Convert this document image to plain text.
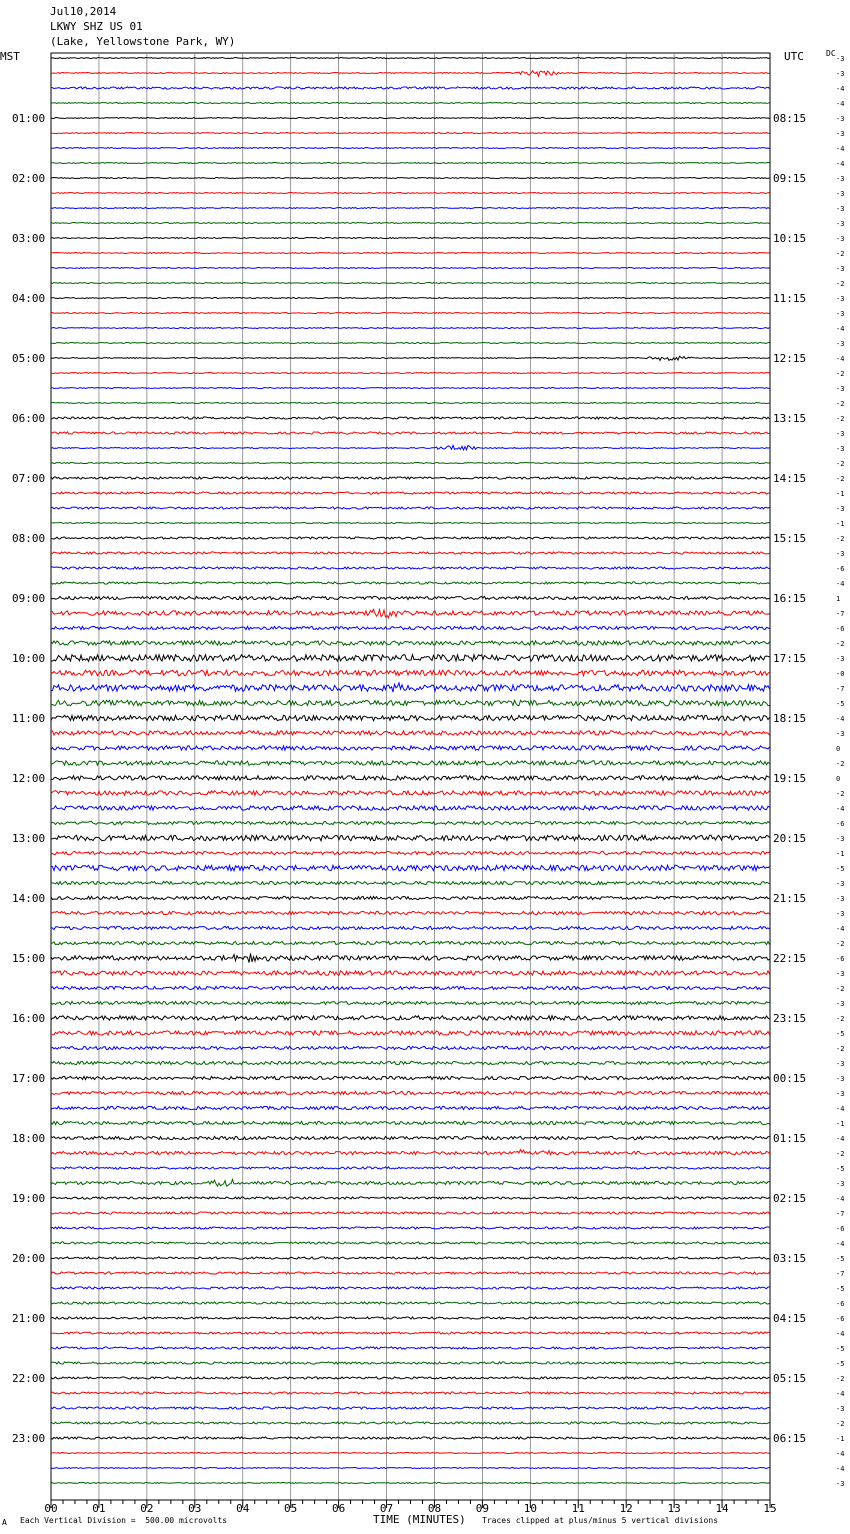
-3
-3
-4
-4
-3
-3
-4
-4
-3
-3
-3
-3
-3
-2
-3
-2
-3
-3
-4
-3
-4
-2
-3
-2
-2
-3
-3
-2
-2
-1
-3
-1
-2
-3
-6
-4
1
-7
-6
-2
-3
-0
-7
-5
-4
-3
0
-2
0
-2
-4
-6
-3
-1
-5
-3
-3
-3
-4
-2
-6
-3
-2
-3
-2
-5
-2
-3
-3
-3
-4
-1
-4
-2
-5
-3
-4
-7
-6
-4
-5
-7
-5
-6
-6
-4
-5
-5
-2
-4
-3
-2
-1
-4
-4
-3
01:00
02:00
03:00
04:00
05:00
06:00
07:00
08:00
09:00
10:00
11:00
12:00
13:00
14:00
15:00
16:00
17:00
18:00
19:00
20:00
21:00
22:00
23:00
08:15
09:15
10:15
11:15
12:15
13:15
14:15
15:15
16:15
17:15
18:15
19:15
20:15
21:15
22:15
23:15
00:15
01:15
02:15
03:15
04:15
05:15
06:15
00	01	02	03	04	05	06	07	08	09	10	11	12	13	14	15
Jul10,2014
LKWY SHZ US 01
(Lake, Yellowstone Park, WY)
MST	UTC	DC
A Each Vertical Division =  500.00 microvolts	TIME (MINUTES) Traces clipped at plus/minus 5 vertical divisions
